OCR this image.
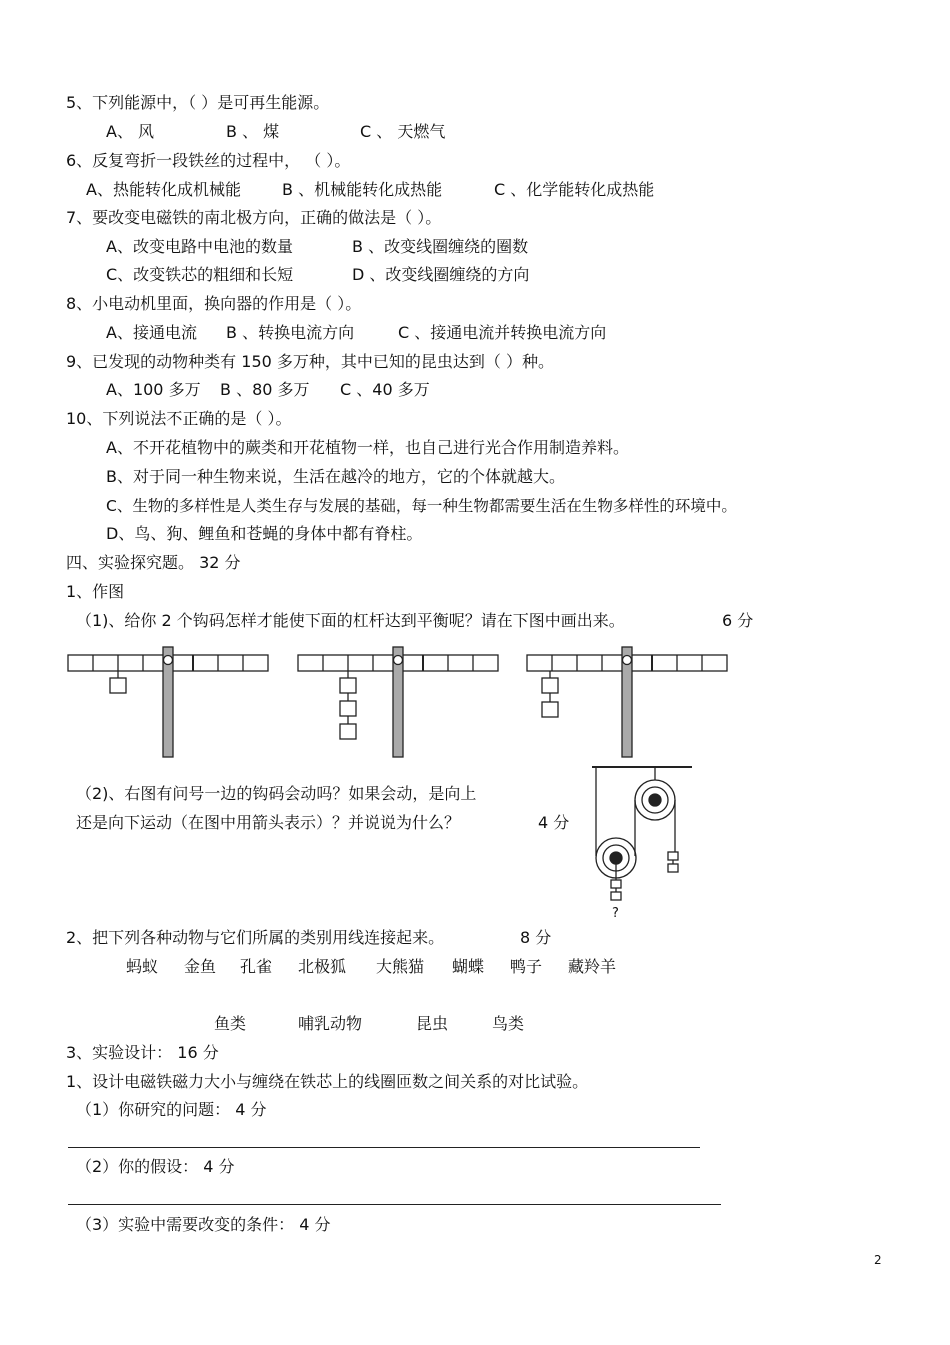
5、下列能源中，（ ）是可再生能源。
A、 风	B 、 煤	C 、 天燃气
6、反复弯折一段铁丝的过程中， （ ）。
A、热能转化成机械能	B 、机械能转化成热能	C 、化学能转化成热能
7、要改变电磁铁的南北极方向，正确的做法是（ ）。
A、改变电路中电池的数量	B 、改变线圈缠绕的圈数
C、改变铁芯的粗细和长短	D 、改变线圈缠绕的方向
8、小电动机里面，换向器的作用是（ ）。
A、接通电流 B 、转换电流方向	C 、接通电流并转换电流方向
9、已发现的动物种类有 150 多万种，其中已知的昆虫达到（ ）种。
A、100 多万 B 、80 多万 C 、40 多万
10、下列说法不正确的是（ ）。
A、不开花植物中的蕨类和开花植物一样，也自己进行光合作用制造养料。
B、对于同一种生物来说，生活在越冷的地方，它的个体就越大。
C、生物的多样性是人类生存与发展的基础，每一种生物都需要生活在生物多样性的环境中。
D、鸟、狗、鲤鱼和苍蝇的身体中都有脊柱。
四、实验探究题。 32 分
1、作图
（1)、给你 2 个钩码怎样才能使下面的杠杆达到平衡呢？请在下图中画出来。	6 分
?
（2)、右图有问号一边的钩码会动吗？如果会动，是向上
还是向下运动（在图中用箭头表示）？并说说为什么？	4 分
2、把下列各种动物与它们所属的类别用线连接起来。	8 分
蚂蚁 金鱼 孔雀 北极狐 大熊猫 蝴蝶 鸭子 藏羚羊
鱼类	哺乳动物	昆虫	鸟类
3、实验设计： 16 分
1、设计电磁铁磁力大小与缠绕在铁芯上的线圈匝数之间关系的对比试验。
（1）你研究的问题： 4 分
（2）你的假设： 4 分
（3）实验中需要改变的条件： 4 分
2
